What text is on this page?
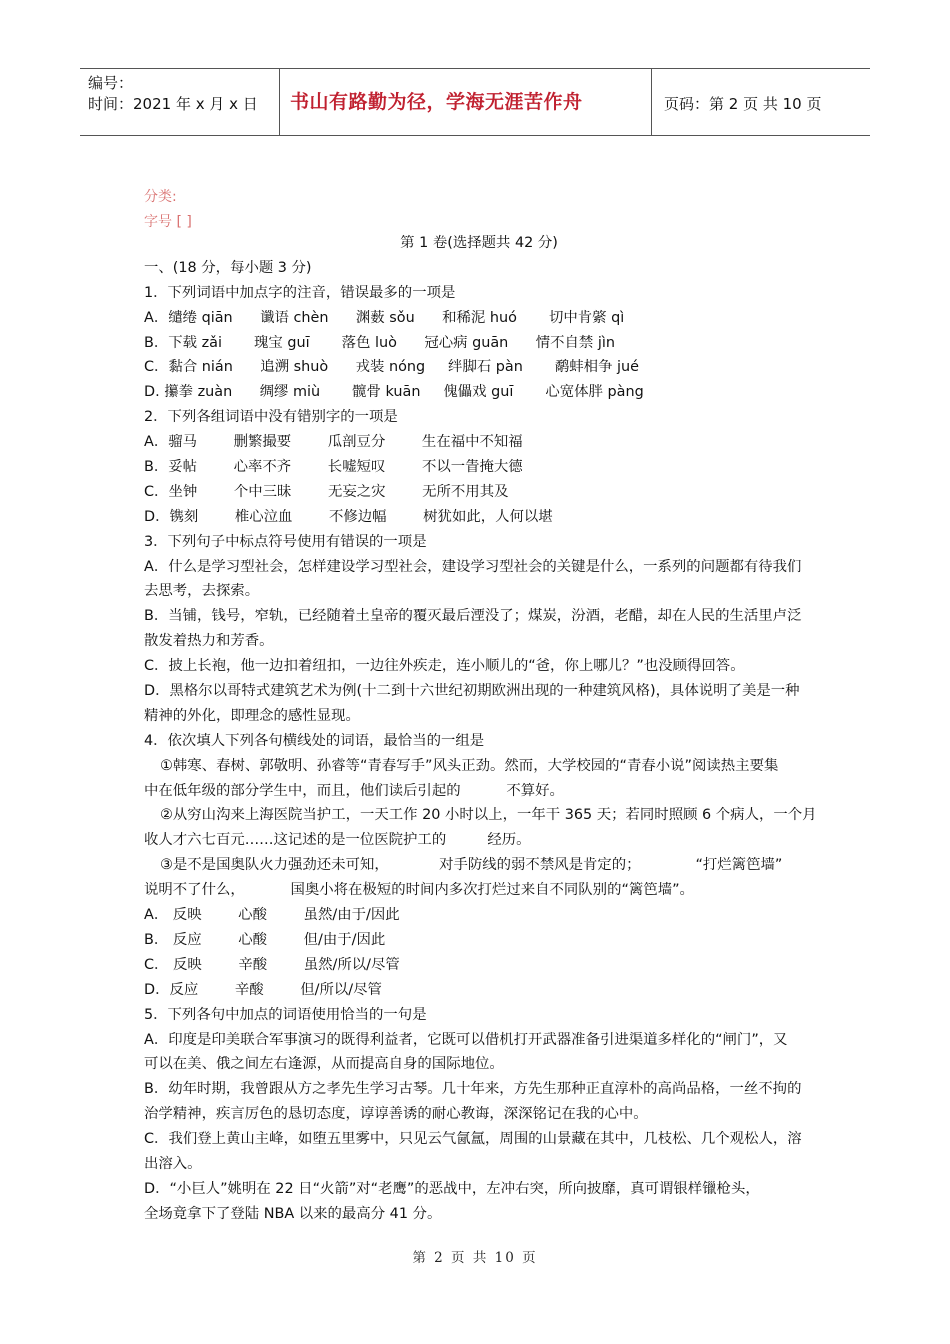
编号：
时间：2021 年 x 月 x 日	书山有路勤为径，学海无涯苦作舟	页码：第 2 页 共 10 页
分类:
字号 [ ]
第 1 卷(选择题共 42 分)
一、(18 分，每小题 3 分)
1．下列词语中加点字的注音，错误最多的一项是
A．缱绻 qiān      谶语 chèn      渊薮 sǒu      和稀泥 huó       切中肯綮 qì
B．下载 zǎi       瑰宝 guī       落色 luò      冠心病 guān      情不自禁 jìn
C．黏合 nián      追溯 shuò      戎装 nóng     绊脚石 pàn       鹬蚌相争 jué
D. 攥拳 zuàn      绸缪 miù       髋骨 kuān     傀儡戏 guī       心宽体胖 pàng
2．下列各组词语中没有错别字的一项是
A．骝马        删繁撮要        瓜剖豆分        生在福中不知福
B．妥帖        心率不齐        长嘘短叹        不以一眚掩大德
C．坐钟        个中三昧        无妄之灾        无所不用其及
D．镌刻        椎心泣血        不修边幅        树犹如此，人何以堪
3．下列句子中标点符号使用有错误的一项是
A．什么是学习型社会，怎样建设学习型社会，建设学习型社会的关键是什么，一系列的问题都有待我们
去思考，去探索。
B．当铺，钱号，窄轨，已经随着土皇帝的覆灭最后湮没了；煤炭，汾酒，老醋，却在人民的生活里卢泛
散发着热力和芳香。
C．披上长袍，他一边扣着纽扣，一边往外疾走，连小顺儿的“爸，你上哪儿？”也没顾得回答。
D．黑格尔以哥特式建筑艺术为例(十二到十六世纪初期欧洲出现的一种建筑风格)，具体说明了美是一种
精神的外化，即理念的感性显现。
4．依次填人下列各句横线处的词语，最恰当的一组是
①韩寒、春树、郭敬明、孙睿等“青春写手”风头正劲。然而，大学校园的“青春小说”阅读热主要集
中在低年级的部分学生中，而且，他们读后引起的          不算好。
②从穷山沟来上海医院当护工，一天工作 20 小时以上，一年干 365 天；若同时照顾 6 个病人，一个月
收人才六七百元……这记述的是一位医院护工的         经历。
③是不是国奥队火力强劲还未可知，           对手防线的弱不禁风是肯定的；            “打烂篱笆墙”
说明不了什么，          国奥小将在极短的时间内多次打烂过来自不同队别的“篱笆墙”。
A． 反映        心酸        虽然/由于/因此
B． 反应        心酸        但/由于/因此
C． 反映        辛酸        虽然/所以/尽管
D．反应        辛酸        但/所以/尽管
5．下列各句中加点的词语使用恰当的一句是
A．印度是印美联合军事演习的既得利益者，它既可以借机打开武器准备引进渠道多样化的“闸门”，又
可以在美、俄之间左右逢源，从而提高自身的国际地位。
B．幼年时期，我曾跟从方之孝先生学习古琴。几十年来，方先生那种正直淳朴的高尚品格，一丝不拘的
治学精神，疾言厉色的恳切态度，谆谆善诱的耐心教诲，深深铭记在我的心中。
C．我们登上黄山主峰，如堕五里雾中，只见云气氤氲，周围的山景藏在其中，几枝松、几个观松人，溶
出溶入。
D．“小巨人”姚明在 22 日“火箭”对“老鹰”的恶战中，左冲右突，所向披靡，真可谓银样镴枪头，
全场竟拿下了登陆 NBA 以来的最高分 41 分。
第 2 页 共 10 页
